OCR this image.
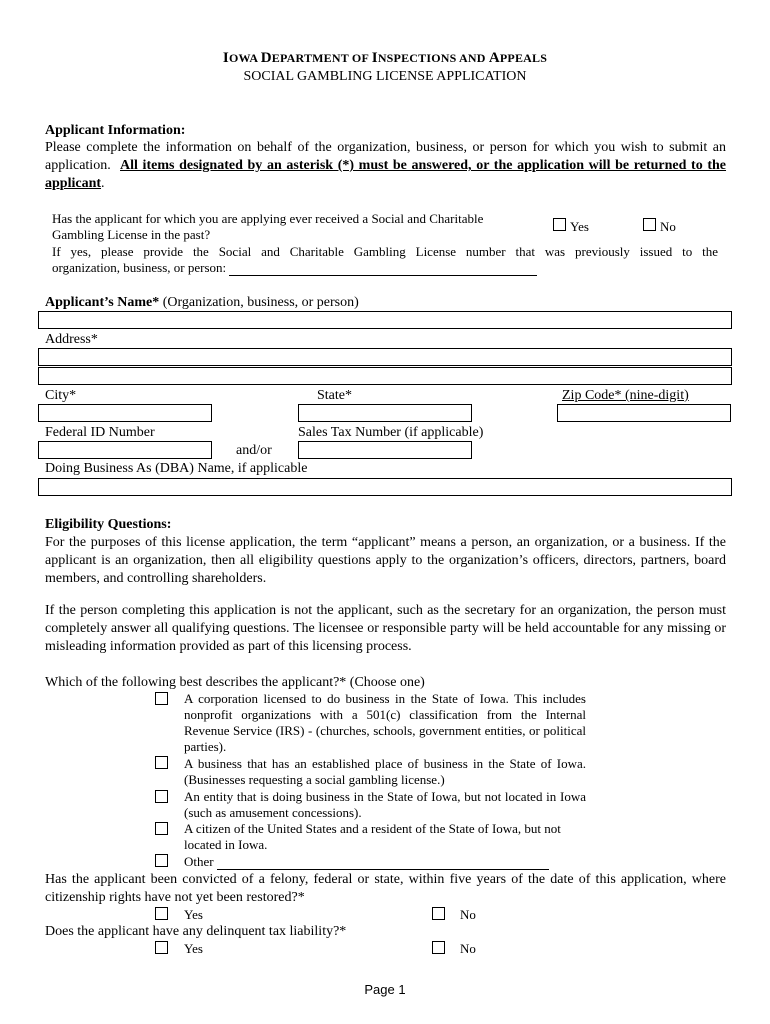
IOWA DEPARTMENT OF INSPECTIONS AND APPEALS
SOCIAL GAMBLING LICENSE APPLICATION
Applicant Information:
Please complete the information on behalf of the organization, business, or person for which you wish to submit an application. All items designated by an asterisk (*) must be answered, or the application will be returned to the applicant.
Has the applicant for which you are applying ever received a Social and Charitable
Gambling License in the past?
Yes	No
If yes, please provide the Social and Charitable Gambling License number that was previously issued to the
organization, business, or person:
Applicant’s Name* (Organization, business, or person)
Address*
City*	State*	Zip Code* (nine-digit)
Federal ID Number	Sales Tax Number (if applicable)
and/or
Doing Business As (DBA) Name, if applicable
Eligibility Questions:
For the purposes of this license application, the term “applicant” means a person, an organization, or a business. If the applicant is an organization, then all eligibility questions apply to the organization’s officers, directors, partners, board members, and controlling shareholders.
If the person completing this application is not the applicant, such as the secretary for an organization, the person must completely answer all qualifying questions. The licensee or responsible party will be held accountable for any missing or misleading information provided as part of this licensing process.
Which of the following best describes the applicant?* (Choose one)
A corporation licensed to do business in the State of Iowa. This includes nonprofit organizations with a 501(c) classification from the Internal Revenue Service (IRS) - (churches, schools, government entities, or political parties).
A business that has an established place of business in the State of Iowa. (Businesses requesting a social gambling license.)
An entity that is doing business in the State of Iowa, but not located in Iowa (such as amusement concessions).
A citizen of the United States and a resident of the State of Iowa, but not located in Iowa.
Other
Has the applicant been convicted of a felony, federal or state, within five years of the date of this application, where citizenship rights have not yet been restored?*
Yes	No
Does the applicant have any delinquent tax liability?*
Yes	No
Page 1
